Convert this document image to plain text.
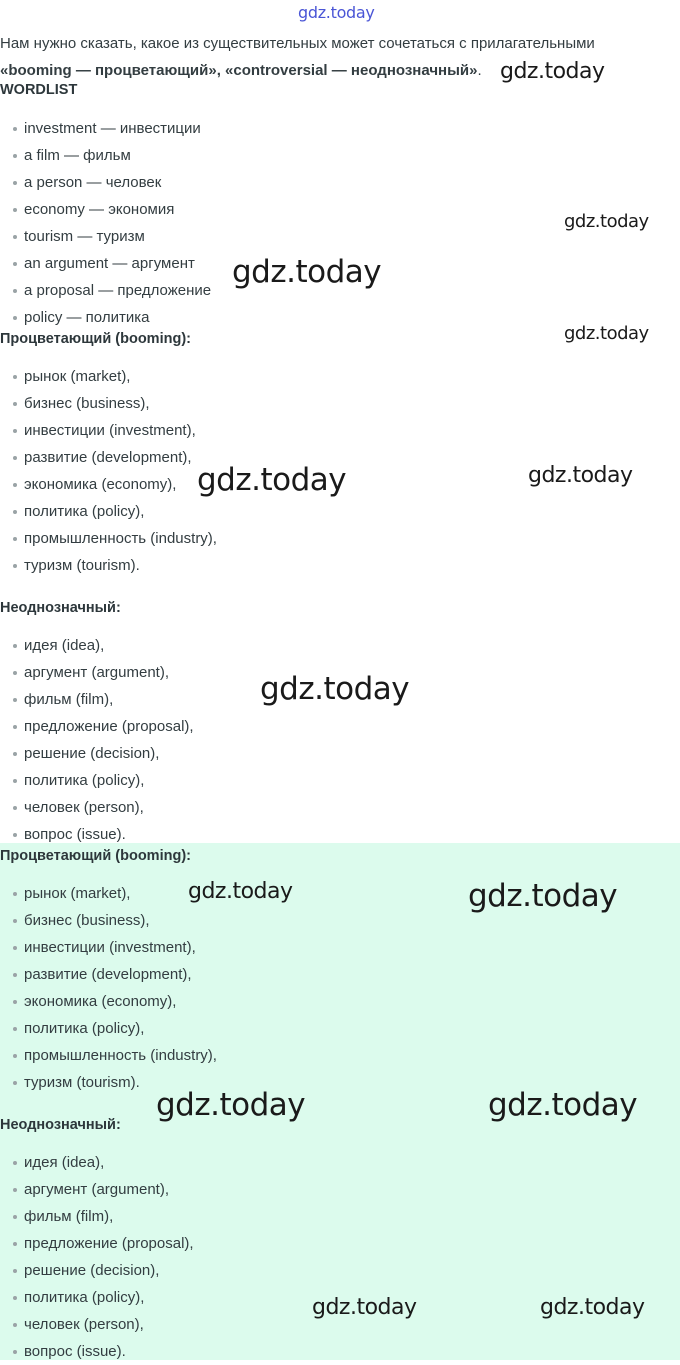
gdz.today

Нам нужно сказать, какое из существительных может сочетаться с прилагательными
«booming — процветающий», «controversial — неоднозначный».

WORDLIST

investment — инвестиции
a film — фильм
a person — человек
economy — экономия
tourism — туризм
an argument — аргумент
a proposal — предложение
policy — политика

Процветающий (booming):

рынок (market),
бизнес (business),
инвестиции (investment),
развитие (development),
экономика (economy),
политика (policy),
промышленность (industry),
туризм (tourism).

Неоднозначный:

идея (idea),
аргумент (argument),
фильм (film),
предложение (proposal),
решение (decision),
политика (policy),
человек (person),
вопрос (issue).

Процветающий (booming):

рынок (market),
бизнес (business),
инвестиции (investment),
развитие (development),
экономика (economy),
политика (policy),
промышленность (industry),
туризм (tourism).

Неоднозначный:

идея (idea),
аргумент (argument),
фильм (film),
предложение (proposal),
решение (decision),
политика (policy),
человек (person),
вопрос (issue).
gdz.today
gdz.today
gdz.today
gdz.today
gdz.today
gdz.today
gdz.today
gdz.today	gdz.today
gdz.today	gdz.today
gdz.today	gdz.today
